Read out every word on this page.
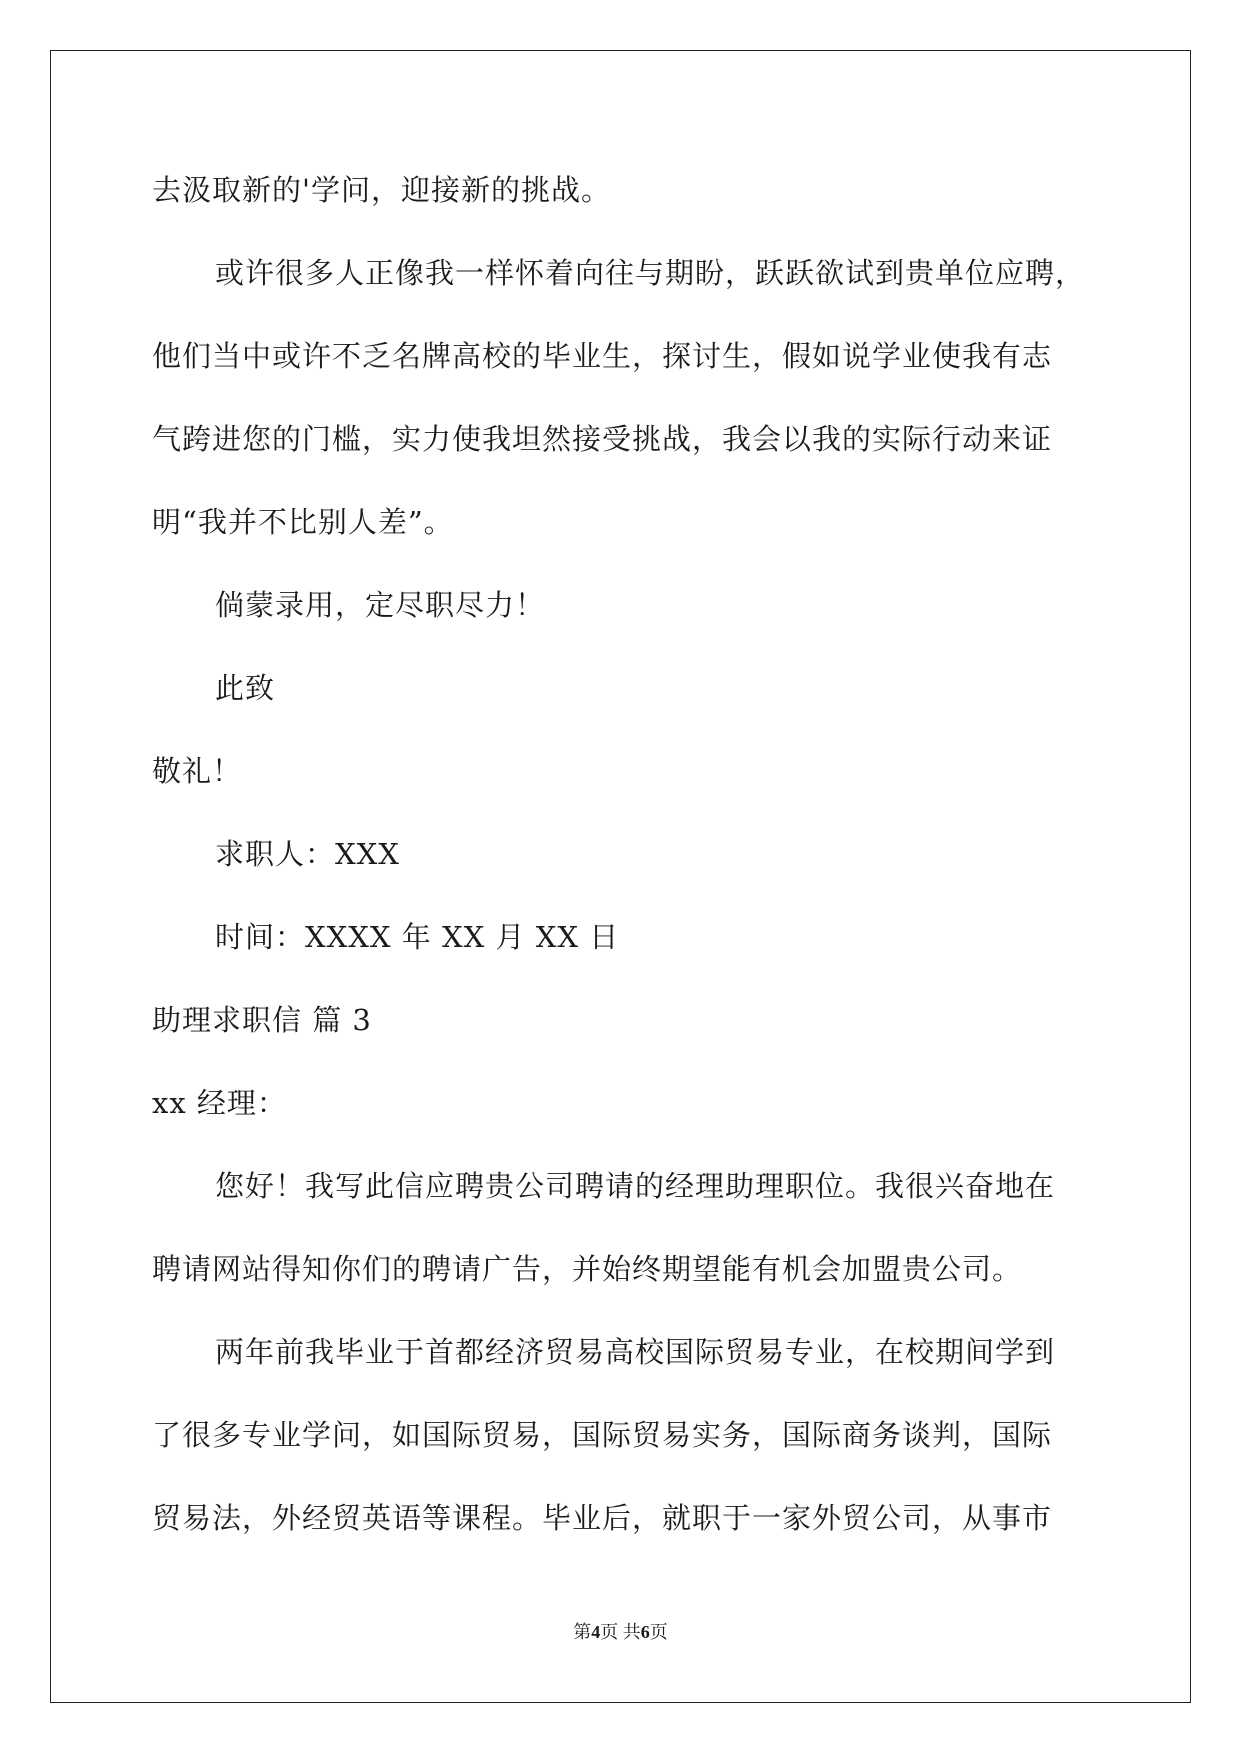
去汲取新的'学问，迎接新的挑战。
或许很多人正像我一样怀着向往与期盼，跃跃欲试到贵单位应聘，
他们当中或许不乏名牌高校的毕业生，探讨生，假如说学业使我有志
气跨进您的门槛，实力使我坦然接受挑战，我会以我的实际行动来证
明“我并不比别人差”。
倘蒙录用，定尽职尽力！
此致
敬礼！
求职人：XXX
时间：XXXX 年 XX 月 XX 日
助理求职信 篇 3
xx 经理：
您好！我写此信应聘贵公司聘请的经理助理职位。我很兴奋地在
聘请网站得知你们的聘请广告，并始终期望能有机会加盟贵公司。
两年前我毕业于首都经济贸易高校国际贸易专业，在校期间学到
了很多专业学问，如国际贸易，国际贸易实务，国际商务谈判，国际
贸易法，外经贸英语等课程。毕业后，就职于一家外贸公司，从事市
第4页 共6页
